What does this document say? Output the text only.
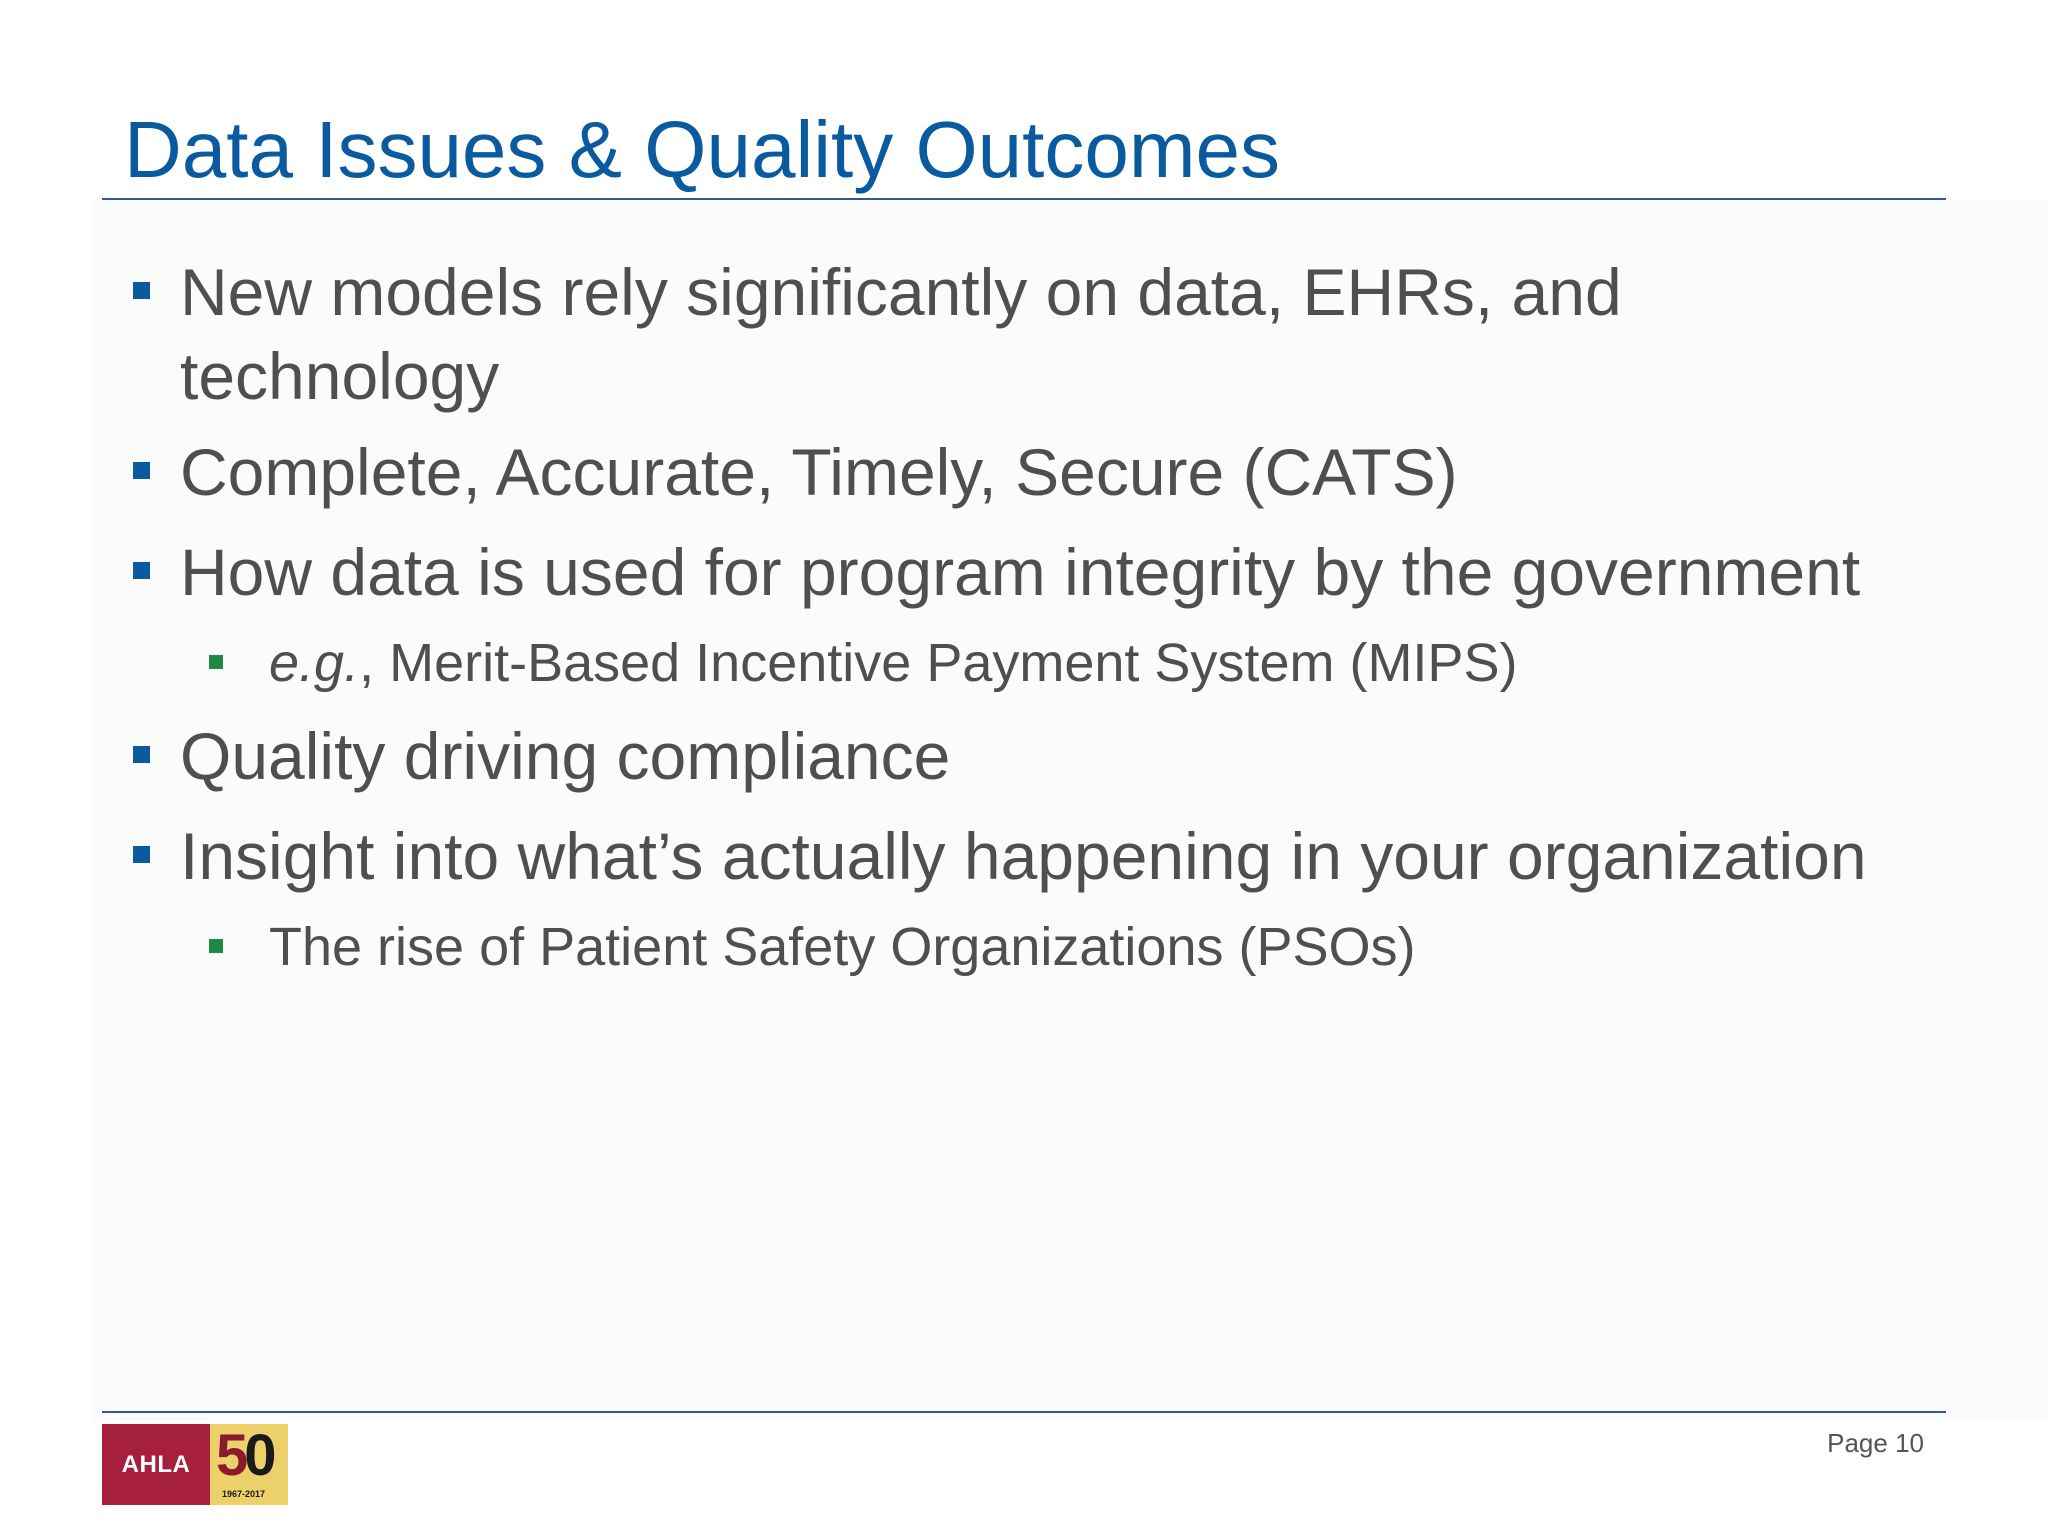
Data Issues & Quality Outcomes
New models rely significantly on data, EHRs, and
technology
Complete, Accurate, Timely, Secure (CATS)
How data is used for program integrity by the government
e.g., Merit-Based Incentive Payment System (MIPS)
Quality driving compliance
Insight into what’s actually happening in your organization
The rise of Patient Safety Organizations (PSOs)
AHLA 50
1967-2017
Page 10
